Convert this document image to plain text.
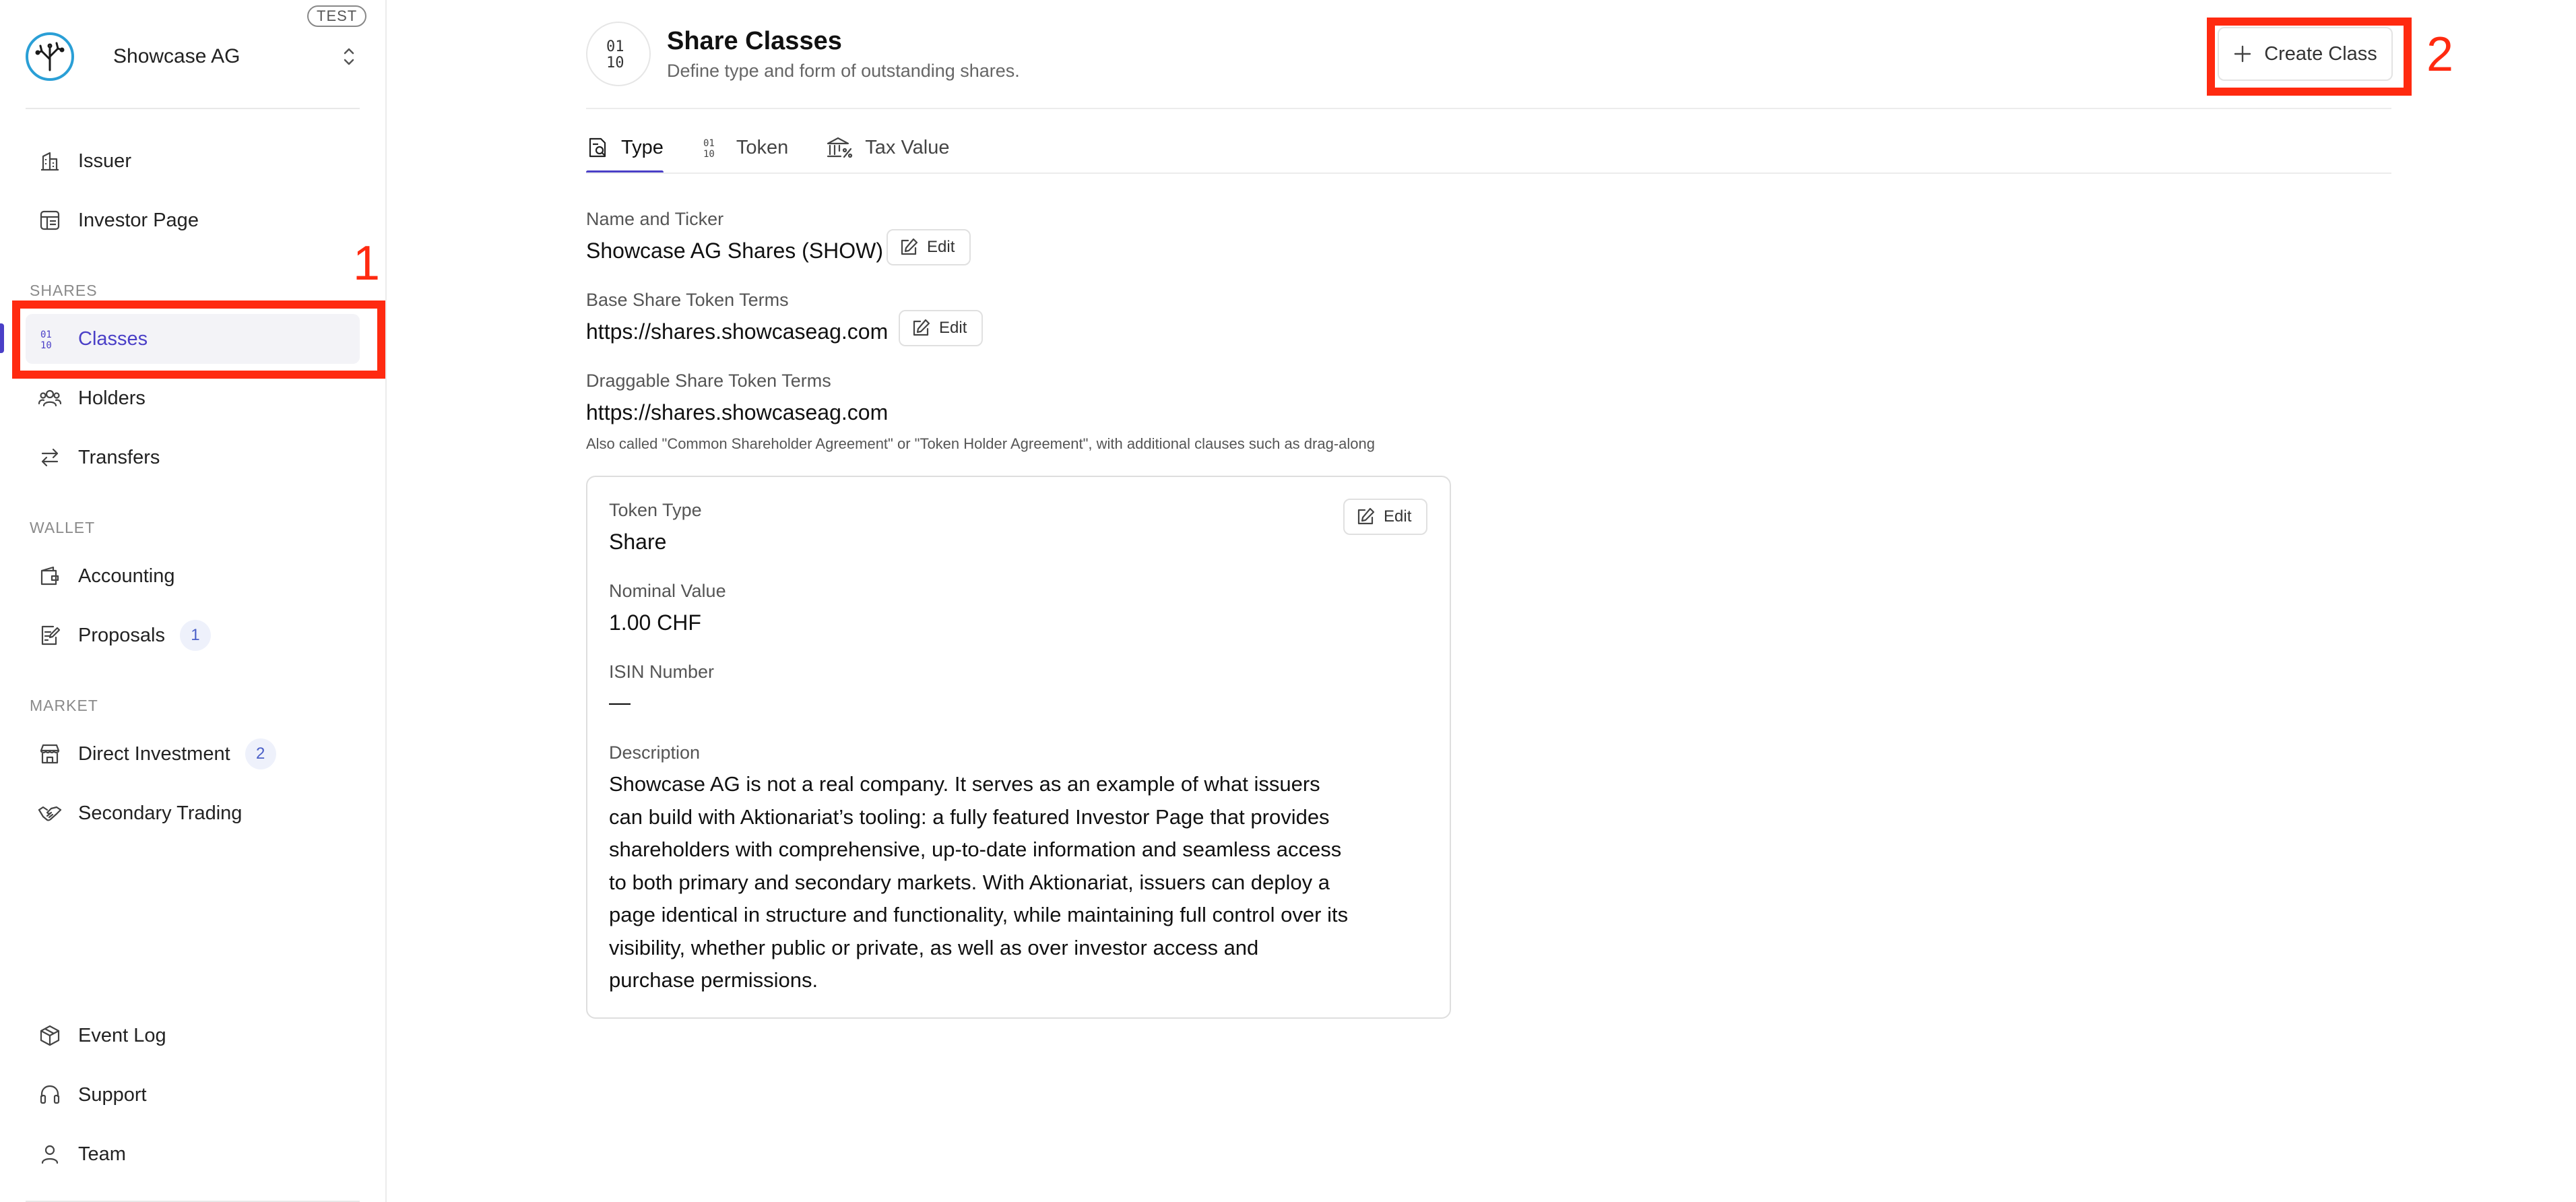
Showcase AG
TEST
Issuer
Investor Page
SHARES
01
10 Classes
Holders
Transfers
WALLET
Accounting
Proposals	1
MARKET
Direct Investment	2
Secondary Trading
Event Log
Support
Team
1
2
01
10
Share Classes

Define type and form of outstanding shares.

Create Class
Type	01
10 Token	Tax Value
Name and Ticker
Showcase AG Shares (SHOW)	Edit
Base Share Token Terms
https://shares.showcaseag.com	Edit
Draggable Share Token Terms
https://shares.showcaseag.com
Also called "Common Shareholder Agreement" or "Token Holder Agreement", with additional clauses such as drag-along
Token Type
Share
Edit
Nominal Value
1.00 CHF
ISIN Number
—
Description

Showcase AG is not a real company. It serves as an example of what issuers can build with Aktionariat’s tooling: a fully featured Investor Page that provides shareholders with comprehensive, up-to-date information and seamless access to both primary and secondary markets. With Aktionariat, issuers can deploy a page identical in structure and functionality, while maintaining full control over its visibility, whether public or private, as well as over investor access and purchase permissions.
